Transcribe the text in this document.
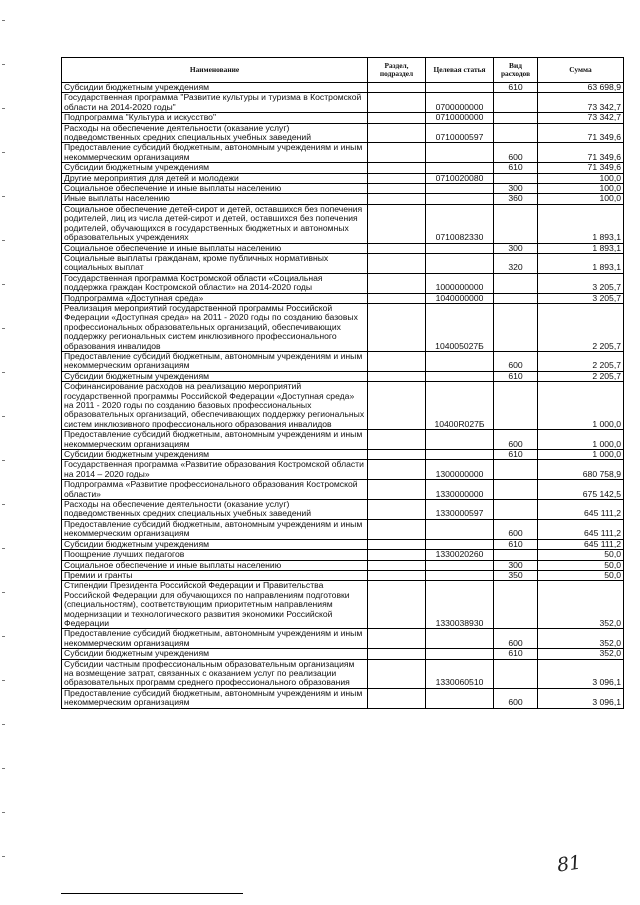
Наименование	Раздел, подраздел	Целевая статья	Вид расходов	Сумма
Субсидии бюджетным учреждениям			610	63 698,9
Государственная программа "Развитие культуры и туризма в Костромской области на 2014-2020 годы"		0700000000		73 342,7
Подпрограмма "Культура и искусство"		0710000000		73 342,7
Расходы на обеспечение деятельности (оказание услуг) подведомственных средних специальных учебных заведений		0710000597		71 349,6
Предоставление субсидий бюджетным, автономным учреждениям и иным некоммерческим организациям			600	71 349,6
Субсидии бюджетным учреждениям			610	71 349,6
Другие мероприятия для детей и молодежи		0710020080		100,0
Социальное обеспечение и иные выплаты населению			300	100,0
Иные выплаты населению			360	100,0
Социальное обеспечение детей-сирот и детей, оставшихся без попечения родителей, лиц из числа детей-сирот и детей, оставшихся без попечения родителей, обучающихся в государственных бюджетных и автономных образовательных учреждениях		0710082330		1 893,1
Социальное обеспечение и иные выплаты населению			300	1 893,1
Социальные выплаты гражданам, кроме публичных нормативных социальных выплат			320	1 893,1
Государственная программа Костромской области «Социальная поддержка граждан Костромской области» на 2014-2020 годы		1000000000		3 205,7
Подпрограмма «Доступная среда»		1040000000		3 205,7
Реализация мероприятий государственной программы Российской Федерации «Доступная среда» на 2011 - 2020 годы по созданию базовых профессиональных образовательных организаций, обеспечивающих поддержку региональных систем инклюзивного профессионального образования инвалидов		104005027Б		2 205,7
Предоставление субсидий бюджетным, автономным учреждениям и иным некоммерческим организациям			600	2 205,7
Субсидии бюджетным учреждениям			610	2 205,7
Софинансирование расходов на реализацию мероприятий государственной программы Российской Федерации «Доступная среда» на 2011 - 2020 годы по созданию базовых профессиональных образовательных организаций, обеспечивающих поддержку региональных систем инклюзивного профессионального образования инвалидов		10400R027Б		1 000,0
Предоставление субсидий бюджетным, автономным учреждениям и иным некоммерческим организациям			600	1 000,0
Субсидии бюджетным учреждениям			610	1 000,0
Государственная программа «Развитие образования Костромской области на 2014 – 2020 годы»		1300000000		680 758,9
Подпрограмма «Развитие профессионального образования Костромской области»		1330000000		675 142,5
Расходы на обеспечение деятельности (оказание услуг) подведомственных средних специальных учебных заведений		1330000597		645 111,2
Предоставление субсидий бюджетным, автономным учреждениям и иным некоммерческим организациям			600	645 111,2
Субсидии бюджетным учреждениям			610	645 111,2
Поощрение лучших педагогов		1330020260		50,0
Социальное обеспечение и иные выплаты населению			300	50,0
Премии и гранты			350	50,0
Стипендии Президента Российской Федерации и Правительства Российской Федерации для обучающихся по направлениям подготовки (специальностям), соответствующим приоритетным направлениям модернизации и технологического развития экономики Российской Федерации		1330038930		352,0
Предоставление субсидий бюджетным, автономным учреждениям и иным некоммерческим организациям			600	352,0
Субсидии бюджетным учреждениям			610	352,0
Субсидии частным профессиональным образовательным организациям на возмещение затрат, связанных с оказанием услуг по реализации образовательных программ среднего профессионального образования		1330060510		3 096,1
Предоставление субсидий бюджетным, автономным учреждениям и иным некоммерческим организациям			600	3 096,1
81
